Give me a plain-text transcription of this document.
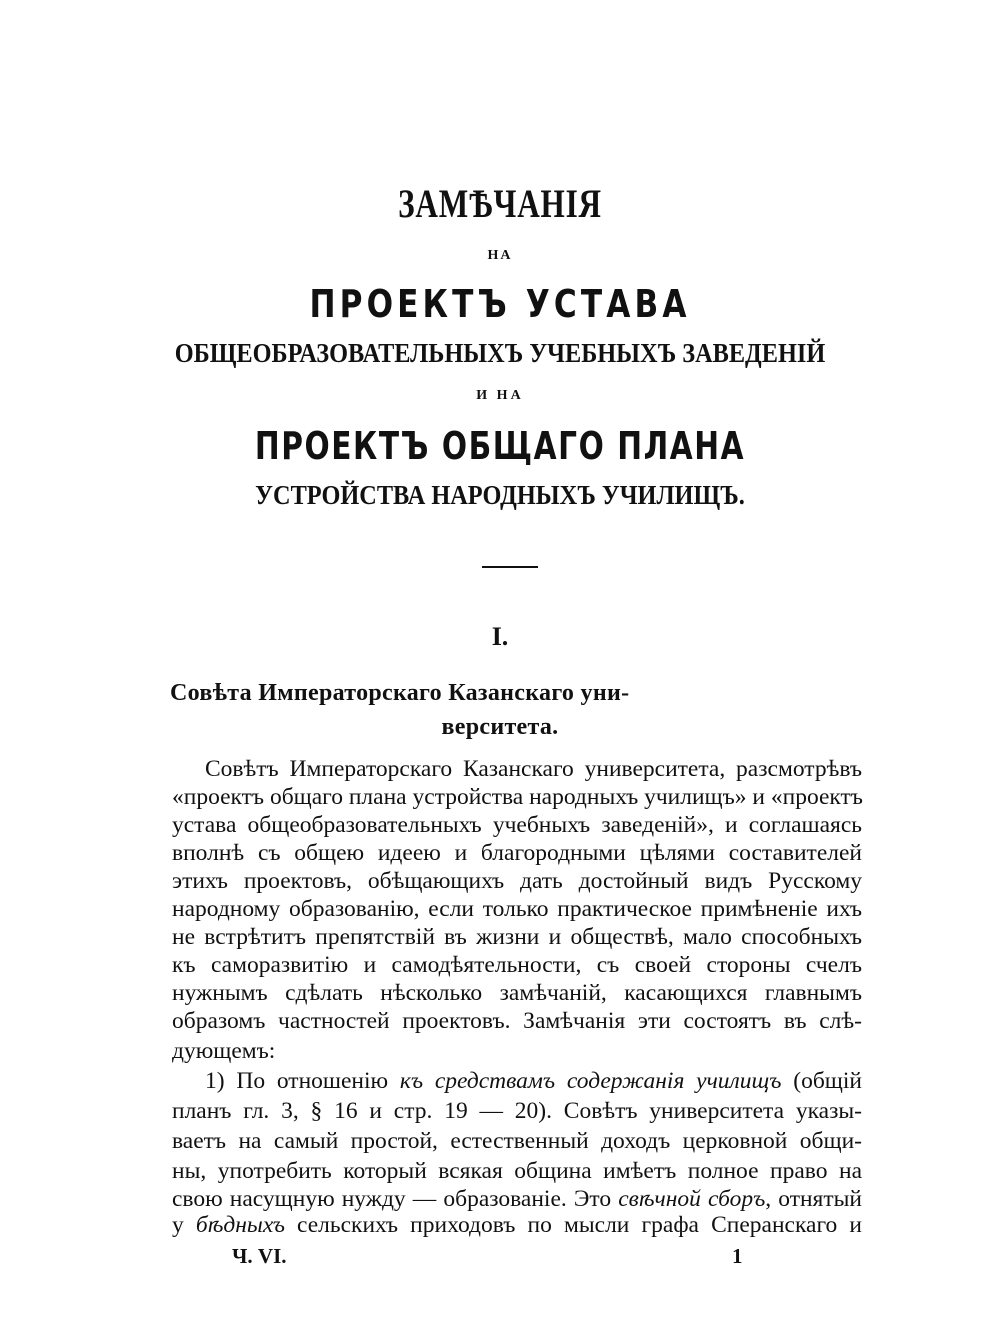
ЗАМѢЧАНІЯ
НА
ПРОЕКТЪ УСТАВА
ОБЩЕОБРАЗОВАТЕЛЬНЫХЪ УЧЕБНЫХЪ ЗАВЕДЕНІЙ
И НА
ПРОЕКТЪ ОБЩАГО ПЛАНА
УСТРОЙСТВА НАРОДНЫХЪ УЧИЛИЩЪ.
I.
Совѣта Императорскаго Казанскаго уни-
верситета.
Совѣтъ Императорскаго Казанскаго университета, разсмотрѣвъ
«проектъ общаго плана устройства народныхъ училищъ» и «проектъ
устава общеобразовательныхъ учебныхъ заведеній», и соглашаясь
вполнѣ съ общею идеею и благородными цѣлями составителей
этихъ проектовъ, обѣщающихъ дать достойный видъ Русскому
народному образованію, если только практическое примѣненіе ихъ
не встрѣтитъ препятствій въ жизни и обществѣ, мало способныхъ
къ саморазвитію и самодѣятельности, съ своей стороны счелъ
нужнымъ сдѣлать нѣсколько замѣчаній, касающихся главнымъ
образомъ частностей проектовъ. Замѣчанія эти состоятъ въ слѣ-
дующемъ:
1) По отношенію къ средствамъ содержанія училищъ (общій
планъ гл. 3, § 16 и стр. 19 — 20). Совѣтъ университета указы-
ваетъ на самый простой, естественный доходъ церковной общи-
ны, употребить который всякая община имѣетъ полное право на
свою насущную нужду — образованіе. Это свѣчной сборъ, отнятый
Ч. VI.	1
у бѣдныхъ сельскихъ приходовъ по мысли графа Сперанскаго и
